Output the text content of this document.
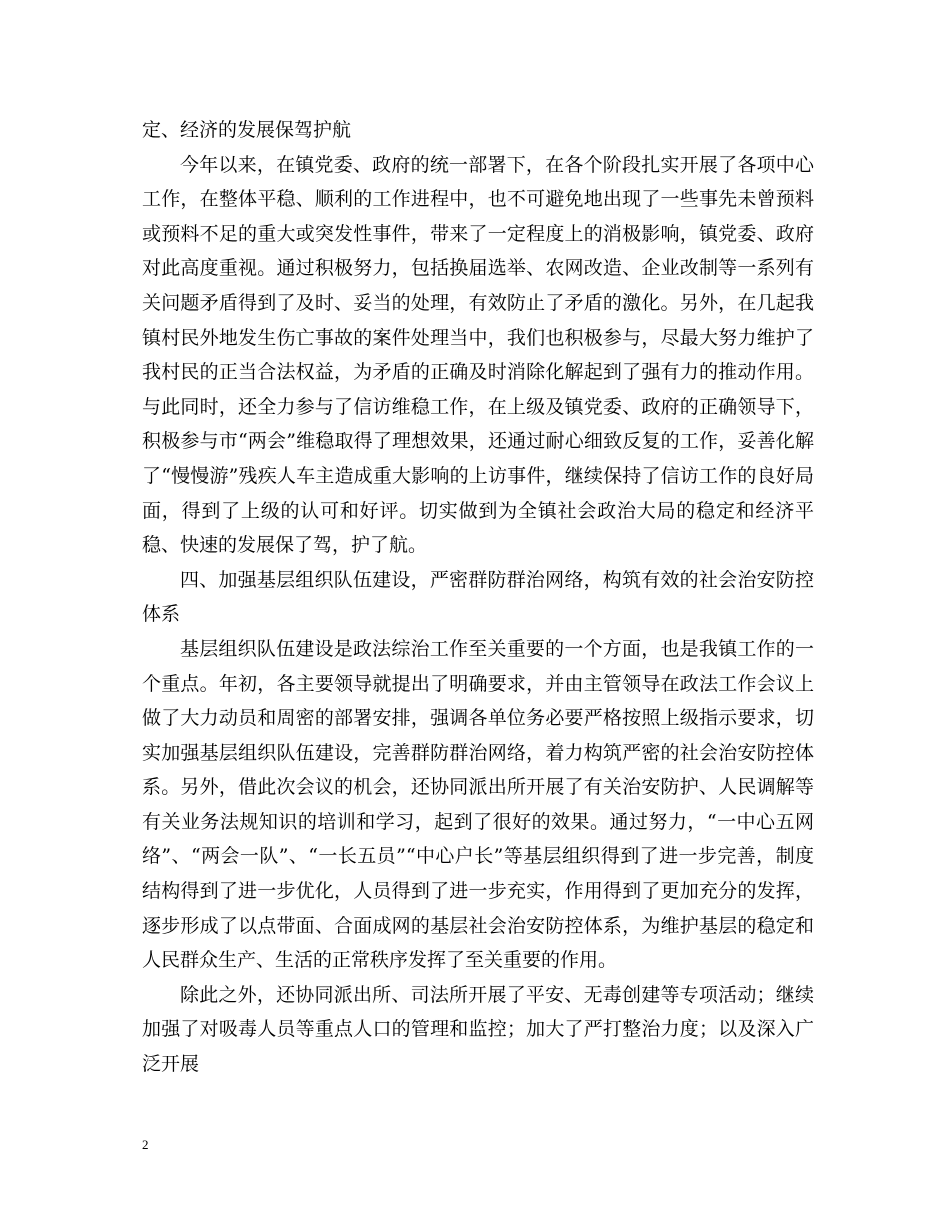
定、经济的发展保驾护航

今年以来，在镇党委、政府的统一部署下，在各个阶段扎实开展了各项中心工作，在整体平稳、顺利的工作进程中，也不可避免地出现了一些事先未曾预料或预料不足的重大或突发性事件，带来了一定程度上的消极影响，镇党委、政府对此高度重视。通过积极努力，包括换届选举、农网改造、企业改制等一系列有关问题矛盾得到了及时、妥当的处理，有效防止了矛盾的激化。另外，在几起我镇村民外地发生伤亡事故的案件处理当中，我们也积极参与，尽最大努力维护了我村民的正当合法权益，为矛盾的正确及时消除化解起到了强有力的推动作用。与此同时，还全力参与了信访维稳工作，在上级及镇党委、政府的正确领导下，积极参与市“两会”维稳取得了理想效果，还通过耐心细致反复的工作，妥善化解了“慢慢游”残疾人车主造成重大影响的上访事件，继续保持了信访工作的良好局面，得到了上级的认可和好评。切实做到为全镇社会政治大局的稳定和经济平稳、快速的发展保了驾，护了航。

四、加强基层组织队伍建设，严密群防群治网络，构筑有效的社会治安防控体系

基层组织队伍建设是政法综治工作至关重要的一个方面，也是我镇工作的一个重点。年初，各主要领导就提出了明确要求，并由主管领导在政法工作会议上做了大力动员和周密的部署安排，强调各单位务必要严格按照上级指示要求，切实加强基层组织队伍建设，完善群防群治网络，着力构筑严密的社会治安防控体系。另外，借此次会议的机会，还协同派出所开展了有关治安防护、人民调解等有关业务法规知识的培训和学习，起到了很好的效果。通过努力，“一中心五网络”、“两会一队”、“一长五员”“中心户长”等基层组织得到了进一步完善，制度结构得到了进一步优化，人员得到了进一步充实，作用得到了更加充分的发挥，逐步形成了以点带面、合面成网的基层社会治安防控体系，为维护基层的稳定和人民群众生产、生活的正常秩序发挥了至关重要的作用。

除此之外，还协同派出所、司法所开展了平安、无毒创建等专项活动；继续加强了对吸毒人员等重点人口的管理和监控；加大了严打整治力度；以及深入广泛开展

2
